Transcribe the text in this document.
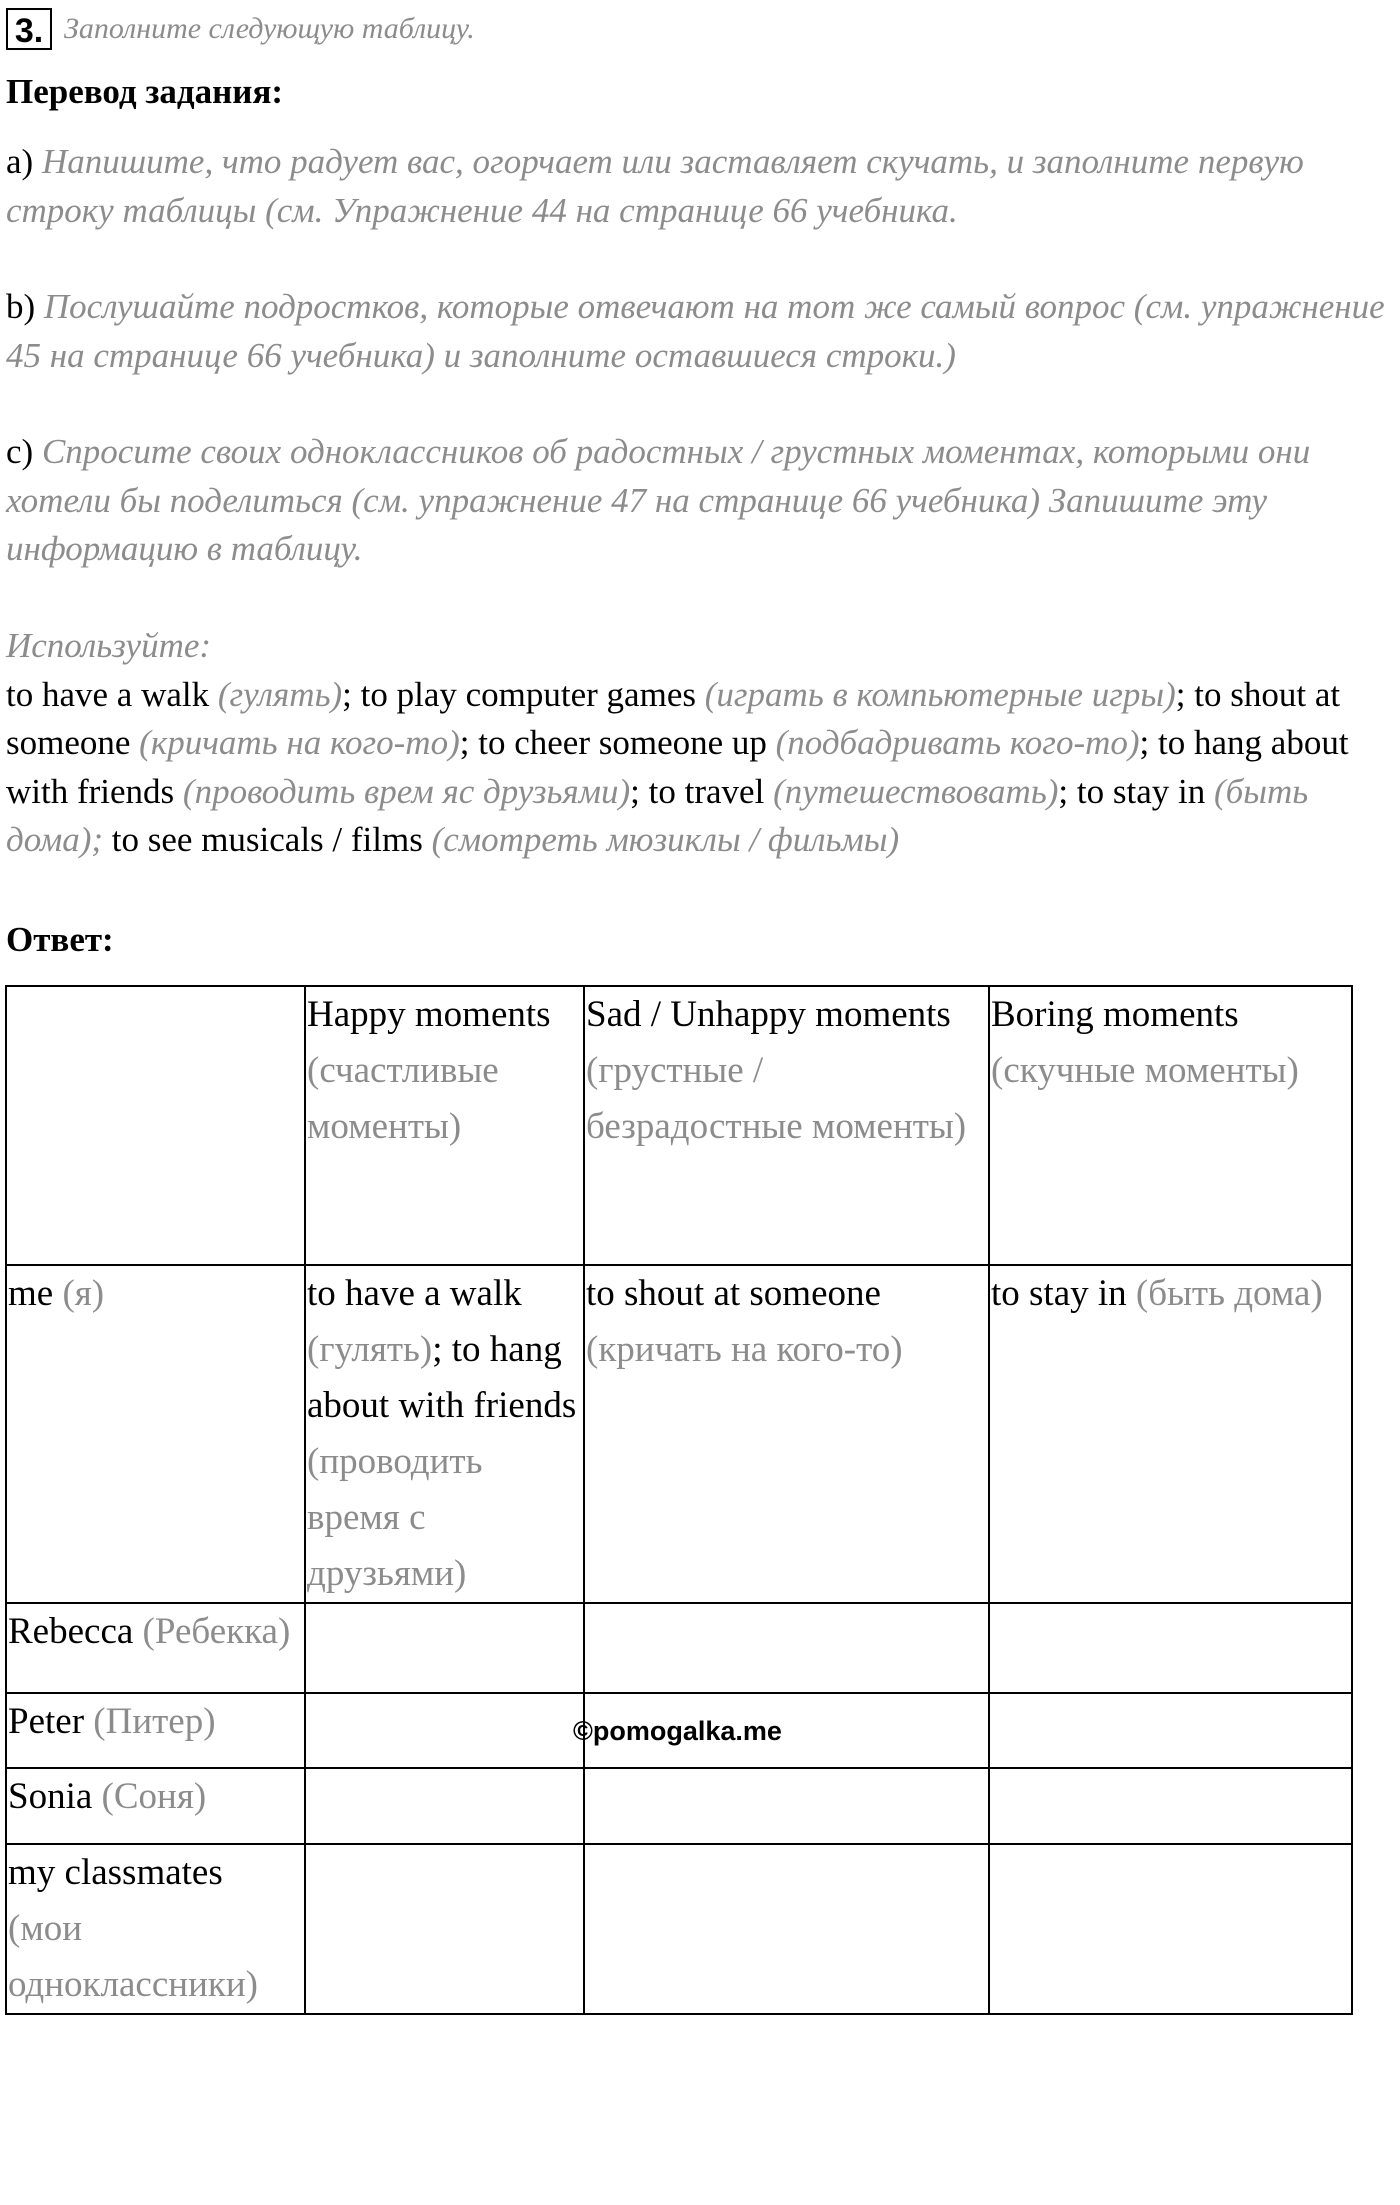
3. Заполните следующую таблицу.
Перевод задания:
a) Напишите, что радует вас, огорчает или заставляет скучать, и заполните первую строку таблицы (см. Упражнение 44 на странице 66 учебника.
b) Послушайте подростков, которые отвечают на тот же самый вопрос (см. упражнение 45 на странице 66 учебника) и заполните оставшиеся строки.)
c) Спросите своих одноклассников об радостных / грустных моментах, которыми они хотели бы поделиться (см. упражнение 47 на странице 66 учебника) Запишите эту информацию в таблицу.
Используйте:
to have a walk (гулять); to play computer games (играть в компьютерные игры); to shout at someone (кричать на кого-то); to cheer someone up (подбадривать кого-то); to hang about with friends (проводить врем яс друзьями); to travel (путешествовать); to stay in (быть дома); to see musicals / films (смотреть мюзиклы / фильмы)
Ответ:
	Happy moments (счастливые моменты)	Sad / Unhappy moments (грустные / безрадостные моменты)	Boring moments (скучные моменты)
me (я)	to have a walk (гулять); to hang about with friends (проводить время с друзьями)	to shout at someone (кричать на кого-то)	to stay in (быть дома)
Rebecca (Ребекка)			
Peter (Питер)			
Sonia (Соня)			
my classmates (мои одноклассники)			
©pomogalka.me
